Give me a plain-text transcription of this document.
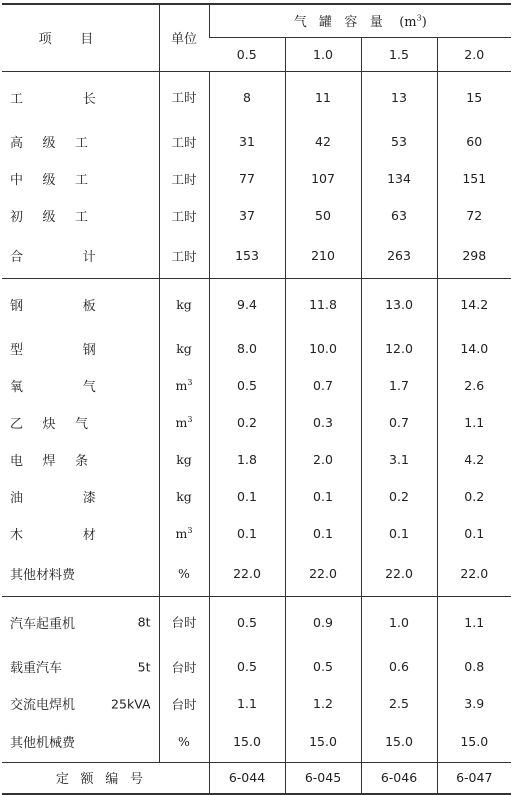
项目	单位	气罐容量 $(m^3)$			
		0.5	1.0	1.5	2.0
工长	工时	8	11	13	15
高级工	工时	31	42	53	60
中级工	工时	77	107	134	151
初级工	工时	37	50	63	72
合计	工时	153	210	263	298
钢板	kg	9.4	11.8	13.0	14.2
型钢	kg	8.0	10.0	12.0	14.0
氧气	$m^3$	0.5	0.7	1.7	2.6
乙炔气	$m^3$	0.2	0.3	0.7	1.1
电焊条	kg	1.8	2.0	3.1	4.2
油漆	kg	0.1	0.1	0.2	0.2
木材	$m^3$	0.1	0.1	0.1	0.1
其他材料费	%	22.0	22.0	22.0	22.0
汽车起重机 8t	台时	0.5	0.9	1.0	1.1
载重汽车 5t	台时	0.5	0.5	0.6	0.8
交流电焊机 25kVA	台时	1.1	1.2	2.5	3.9
其他机械费	%	15.0	15.0	15.0	15.0
定额编号		6-044	6-045	6-046	6-047
